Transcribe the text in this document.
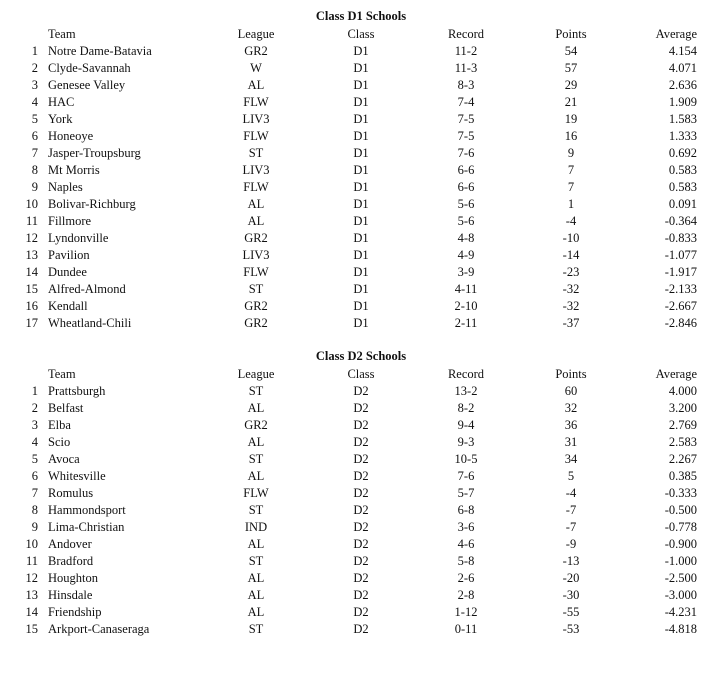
Class D1 Schools
Team	League	Class	Record	Points	Average
1 Notre Dame-Batavia	GR2	D1	11-2	54	4.154
2 Clyde-Savannah	W	D1	11-3	57	4.071
3 Genesee Valley	AL	D1	8-3	29	2.636
4 HAC	FLW	D1	7-4	21	1.909
5 York	LIV3	D1	7-5	19	1.583
6 Honeoye	FLW	D1	7-5	16	1.333
7 Jasper-Troupsburg	ST	D1	7-6	9	0.692
8 Mt Morris	LIV3	D1	6-6	7	0.583
9 Naples	FLW	D1	6-6	7	0.583
10 Bolivar-Richburg	AL	D1	5-6	1	0.091
11 Fillmore	AL	D1	5-6	-4	-0.364
12 Lyndonville	GR2	D1	4-8	-10	-0.833
13 Pavilion	LIV3	D1	4-9	-14	-1.077
14 Dundee	FLW	D1	3-9	-23	-1.917
15 Alfred-Almond	ST	D1	4-11	-32	-2.133
16 Kendall	GR2	D1	2-10	-32	-2.667
17 Wheatland-Chili	GR2	D1	2-11	-37	-2.846
Class D2 Schools
Team	League	Class	Record	Points	Average
1 Prattsburgh	ST	D2	13-2	60	4.000
2 Belfast	AL	D2	8-2	32	3.200
3 Elba	GR2	D2	9-4	36	2.769
4 Scio	AL	D2	9-3	31	2.583
5 Avoca	ST	D2	10-5	34	2.267
6 Whitesville	AL	D2	7-6	5	0.385
7 Romulus	FLW	D2	5-7	-4	-0.333
8 Hammondsport	ST	D2	6-8	-7	-0.500
9 Lima-Christian	IND	D2	3-6	-7	-0.778
10 Andover	AL	D2	4-6	-9	-0.900
11 Bradford	ST	D2	5-8	-13	-1.000
12 Houghton	AL	D2	2-6	-20	-2.500
13 Hinsdale	AL	D2	2-8	-30	-3.000
14 Friendship	AL	D2	1-12	-55	-4.231
15 Arkport-Canaseraga	ST	D2	0-11	-53	-4.818
